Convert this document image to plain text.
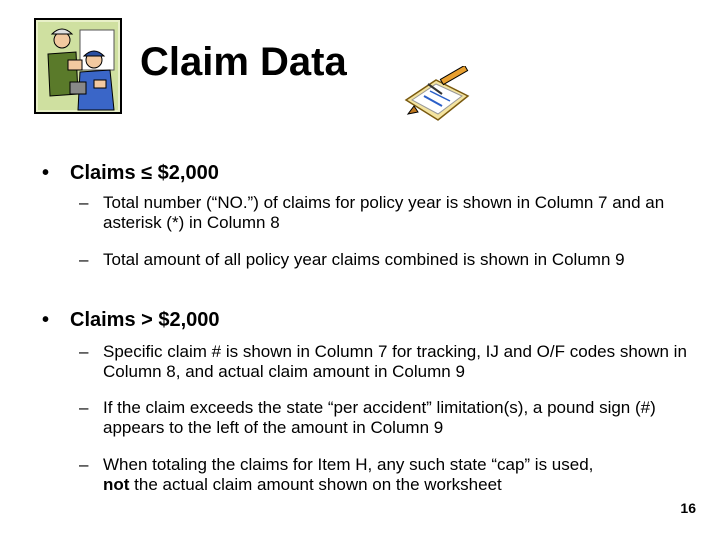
Claim Data
• Claims ≤ $2,000
– Total number (“NO.”) of claims for policy year is shown in Column 7 and an asterisk (*) in Column 8
– Total amount of all policy year claims combined is shown in Column 9
• Claims > $2,000
– Specific claim # is shown in Column 7 for tracking, IJ and O/F codes shown in Column 8, and actual claim amount in Column 9
– If the claim exceeds the state “per accident” limitation(s), a pound sign (#) appears to the left of the amount in Column 9
– When totaling the claims for Item H, any such state “cap” is used,
not the actual claim amount shown on the worksheet
16
